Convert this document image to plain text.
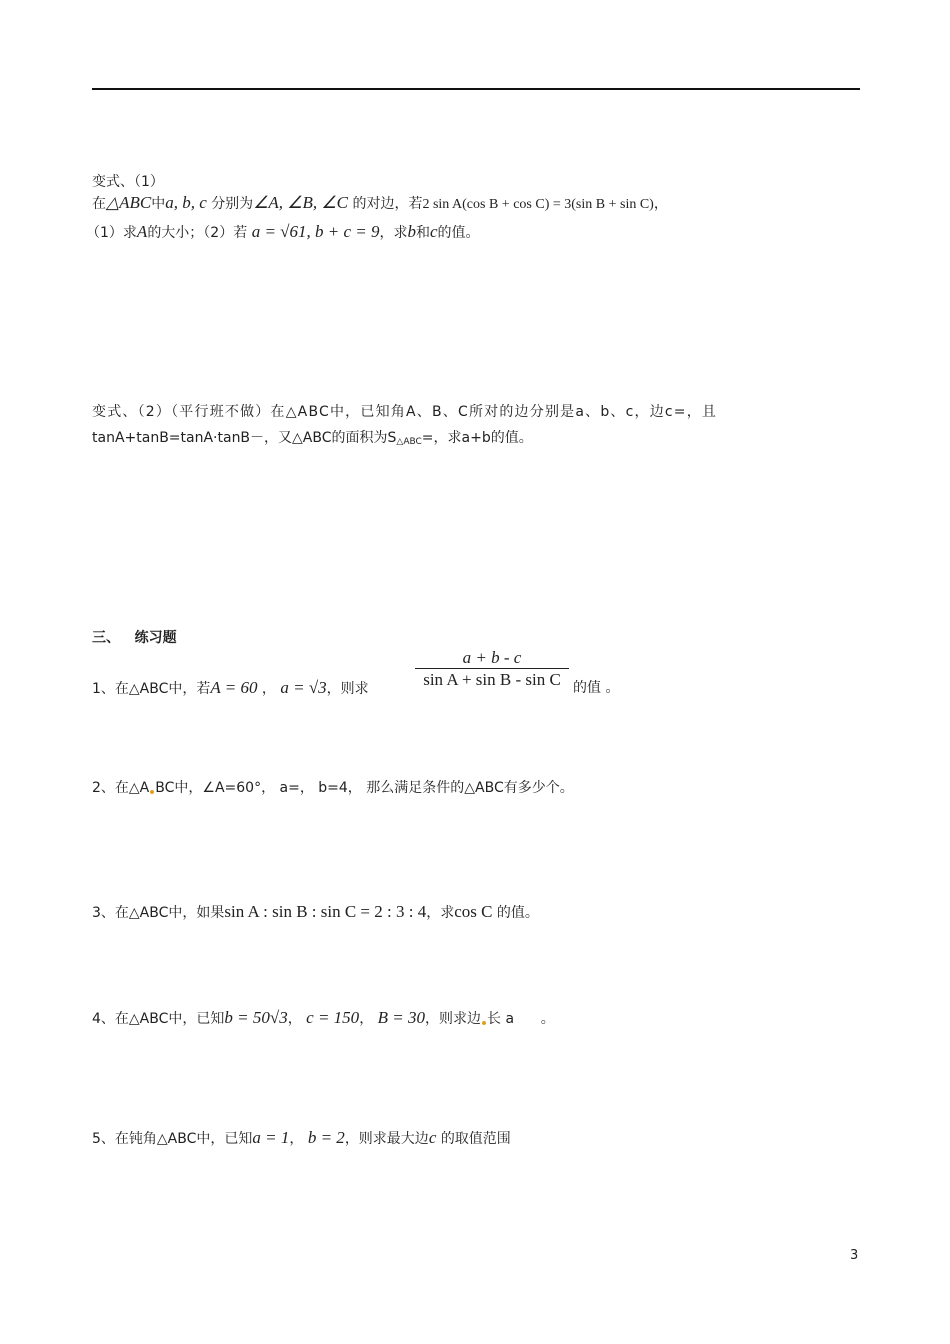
变式、（1）
在△ABC中a, b, c 分别为∠A, ∠B, ∠C 的对边，若2 sin A(cos B + cos C) = 3(sin B + sin C)，
（1）求A的大小；（2）若 a = √61, b + c = 9，求b和c的值。
变式、（2）（平行班不做）在△ABC中，已知角A、B、C所对的边分别是a、b、c，边c=，且
tanA+tanB=tanA·tanB－，又△ABC的面积为S△ABC=，求a+b的值。
三、   练习题
1、在△ABC中，若A = 60 ， a = √3，则求
a + b - c
sin A + sin B - sin C 的值 。
2、在△A BC中，∠A=60°， a=， b=4， 那么满足条件的△ABC有多少个。
3、在△ABC中，如果sin A : sin B : sin C = 2 : 3 : 4，求cos C 的值。
4、在△ABC中，已知b = 50√3， c = 150， B = 30，则求边 长 a      。
5、在钝角△ABC中，已知a = 1， b = 2，则求最大边c 的取值范围
3
